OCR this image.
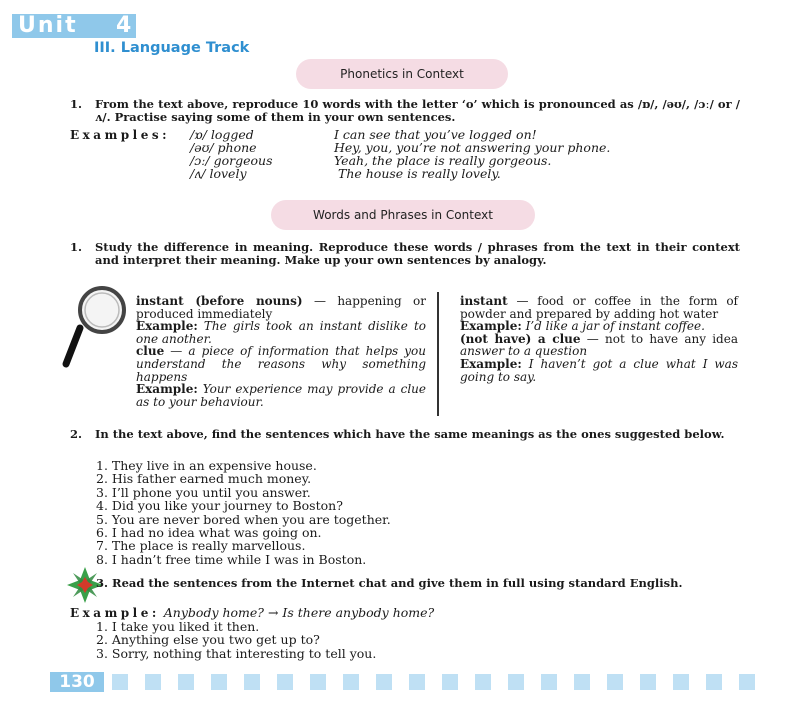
Unit 4
III. Language Track
Phonetics in Context
1. From the text above, reproduce 10 words with the letter ‘o’ which is pronounced as /ɒ/, /əʊ/, /ɔː/ or /ʌ/. Practise saying some of them in your own sentences.
Examples: /ɒ/ logged	I can see that you’ve logged on!
/əʊ/ phone	Hey, you, you’re not answering your phone.
/ɔː/ gorgeous	Yeah, the place is really gorgeous.
/ʌ/ lovely	The house is really lovely.
Words and Phrases in Context
1. Study the difference in meaning. Reproduce these words / phrases from the text in their context and interpret their meaning. Make up your own sentences by analogy.
instant (before nouns) — happening or produced immediately
Example: The girls took an instant dislike to one another.
clue — a piece of information that helps you understand the reasons why something happens
Example: Your experience may provide a clue as to your behaviour.
instant — food or coffee in the form of powder and prepared by adding hot water
Example: I’d like a jar of instant coffee.
(not have) a clue — not to have any idea answer to a question
Example: I haven’t got a clue what I was going to say.
2. In the text above, find the sentences which have the same meanings as the ones suggested below.
1. They live in an expensive house.
2. His father earned much money.
3. I’ll phone you until you answer.
4. Did you like your journey to Boston?
5. You are never bored when you are together.
6. I had no idea what was going on.
7. The place is really marvellous.
8. I hadn’t free time while I was in Boston.
3. Read the sentences from the Internet chat and give them in full using standard English.
Example: Anybody home? → Is there anybody home?
1. I take you liked it then.
2. Anything else you two get up to?
3. Sorry, nothing that interesting to tell you.
130
